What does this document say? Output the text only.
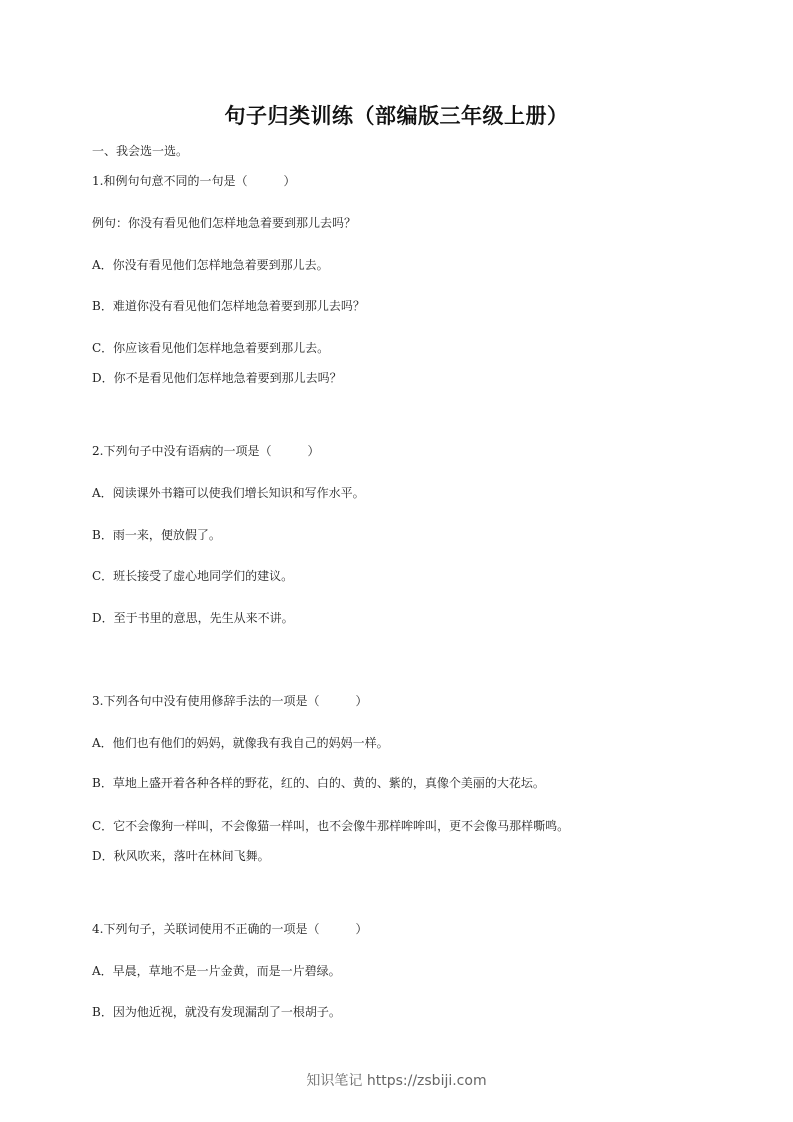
句子归类训练（部编版三年级上册）
一、我会选一选。
1.和例句句意不同的一句是（　　　）
例句：你没有看见他们怎样地急着要到那儿去吗？
A．你没有看见他们怎样地急着要到那儿去。
B．难道你没有看见他们怎样地急着要到那儿去吗？
C．你应该看见他们怎样地急着要到那儿去。
D．你不是看见他们怎样地急着要到那儿去吗？
2.下列句子中没有语病的一项是（　　　）
A．阅读课外书籍可以使我们增长知识和写作水平。
B．雨一来，便放假了。
C．班长接受了虚心地同学们的建议。
D．至于书里的意思，先生从来不讲。
3.下列各句中没有使用修辞手法的一项是（　　　）
A．他们也有他们的妈妈，就像我有我自己的妈妈一样。
B．草地上盛开着各种各样的野花，红的、白的、黄的、紫的，真像个美丽的大花坛。
C．它不会像狗一样叫，不会像猫一样叫，也不会像牛那样哞哞叫，更不会像马那样嘶鸣。
D．秋风吹来，落叶在林间飞舞。
4.下列句子，关联词使用不正确的一项是（　　　）
A．早晨，草地不是一片金黄，而是一片碧绿。
B．因为他近视，就没有发现漏刮了一根胡子。
知识笔记 https://zsbiji.com
